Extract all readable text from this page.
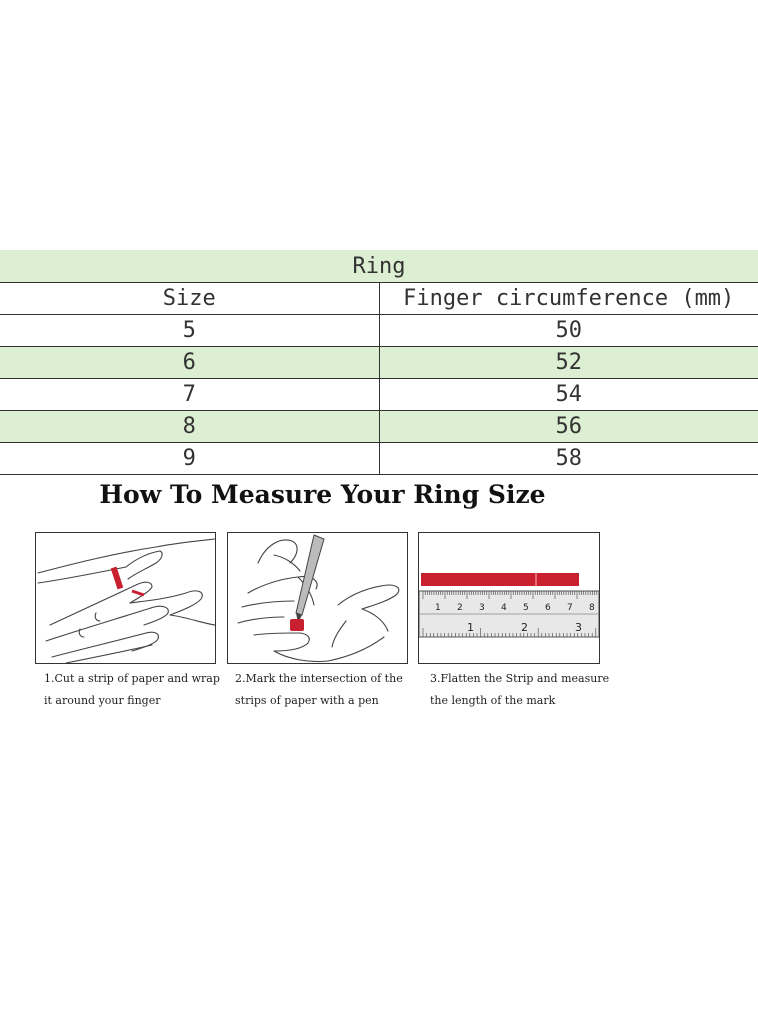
Ring	
Size	Finger circumference (mm)
5	50
6	52
7	54
8	56
9	58
How To Measure Your Ring Size
1 2 3 4 5 6 7 8
1	2	3

1.Cut a strip of paper and wrap it around your finger

2.Mark the intersection of the strips of paper with a pen

3.Flatten the Strip and measure the length of the mark
